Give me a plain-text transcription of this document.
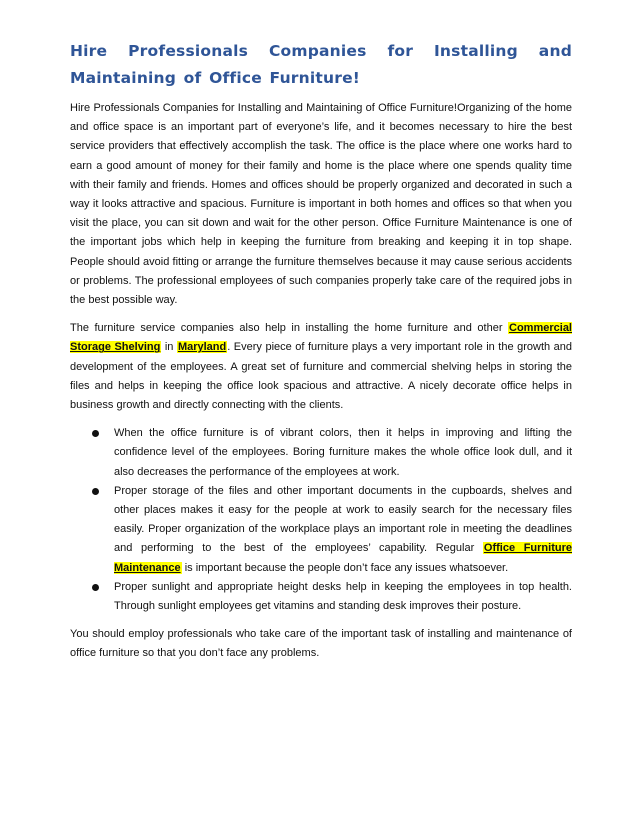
Hire Professionals Companies for Installing and Maintaining of Office Furniture!

Hire Professionals Companies for Installing and Maintaining of Office Furniture!Organizing of the home and office space is an important part of everyone’s life, and it becomes necessary to hire the best service providers that effectively accomplish the task. The office is the place where one works hard to earn a good amount of money for their family and home is the place where one spends quality time with their family and friends. Homes and offices should be properly organized and decorated in such a way it looks attractive and spacious. Furniture is important in both homes and offices so that when you visit the place, you can sit down and wait for the other person. Office Furniture Maintenance is one of the important jobs which help in keeping the furniture from breaking and keeping it in top shape. People should avoid fitting or arrange the furniture themselves because it may cause serious accidents or problems. The professional employees of such companies properly take care of the required jobs in the best possible way.

The furniture service companies also help in installing the home furniture and other Commercial Storage Shelving in Maryland. Every piece of furniture plays a very important role in the growth and development of the employees. A great set of furniture and commercial shelving helps in storing the files and helps in keeping the office look spacious and attractive. A nicely decorate office helps in business growth and directly connecting with the clients.

When the office furniture is of vibrant colors, then it helps in improving and lifting the confidence level of the employees. Boring furniture makes the whole office look dull, and it also decreases the performance of the employees at work.
Proper storage of the files and other important documents in the cupboards, shelves and other places makes it easy for the people at work to easily search for the necessary files easily. Proper organization of the workplace plays an important role in meeting the deadlines and performing to the best of the employees’ capability. Regular Office Furniture Maintenance is important because the people don’t face any issues whatsoever.
Proper sunlight and appropriate height desks help in keeping the employees in top health. Through sunlight employees get vitamins and standing desk improves their posture.

You should employ professionals who take care of the important task of installing and maintenance of office furniture so that you don’t face any problems.
